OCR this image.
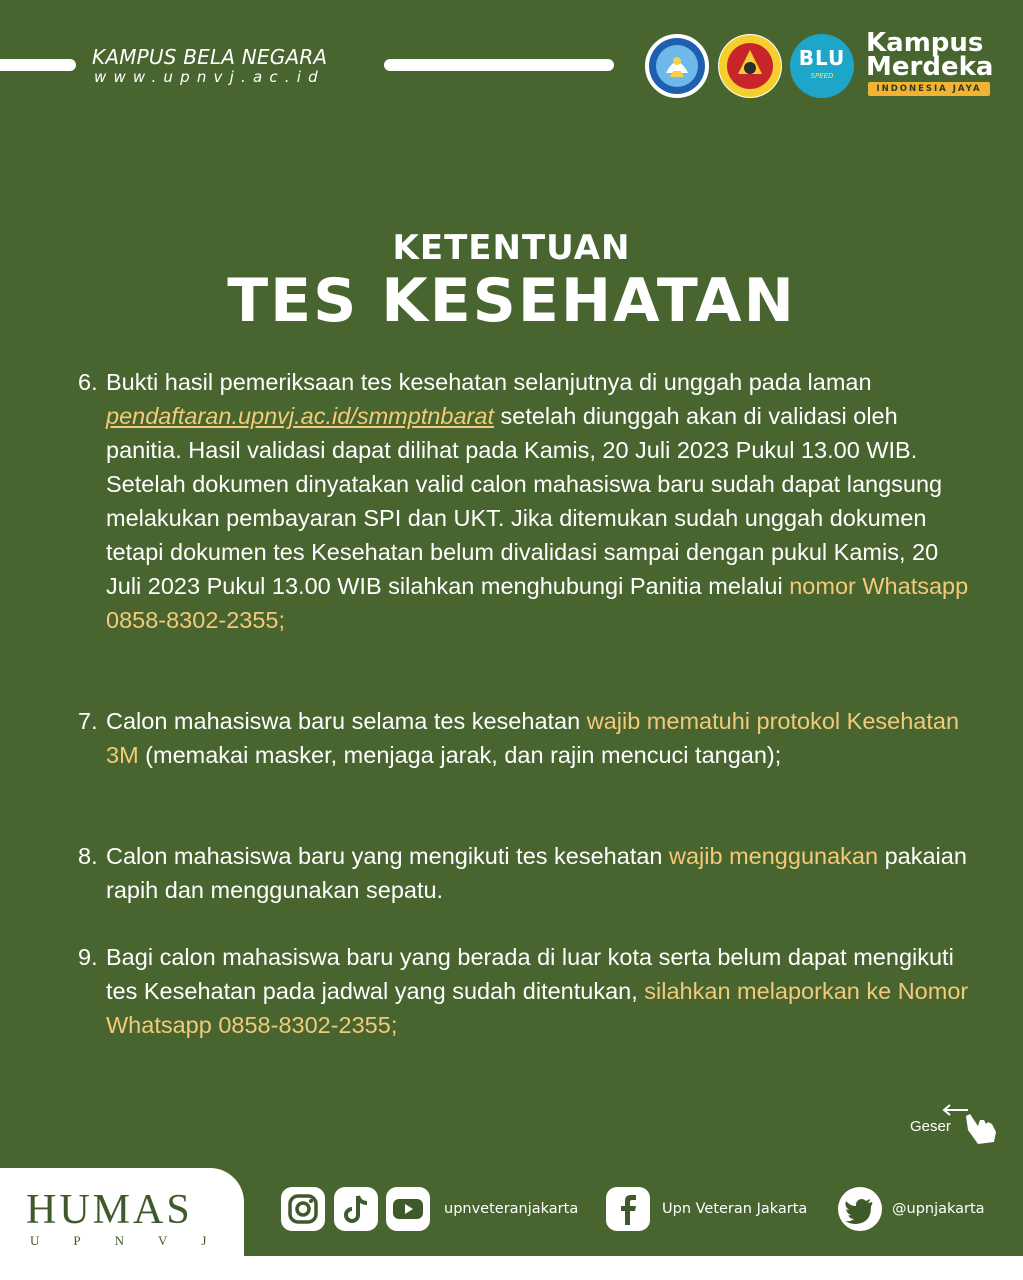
KAMPUS BELA NEGARA
www.upnvj.ac.id
BLU
SPEED
Kampus
Merdeka
INDONESIA JAYA
KETENTUAN
TES KESEHATAN
6. Bukti hasil pemeriksaan tes kesehatan selanjutnya di unggah pada laman pendaftaran.upnvj.ac.id/smmptnbarat setelah diunggah akan di validasi oleh panitia. Hasil validasi dapat dilihat pada Kamis, 20 Juli 2023 Pukul 13.00 WIB. Setelah dokumen dinyatakan valid calon mahasiswa baru sudah dapat langsung melakukan pembayaran SPI dan UKT. Jika ditemukan sudah unggah dokumen tetapi dokumen tes Kesehatan belum divalidasi sampai dengan pukul Kamis, 20 Juli 2023 Pukul 13.00 WIB silahkan menghubungi Panitia melalui nomor Whatsapp 0858-8302-2355;
7. Calon mahasiswa baru selama tes kesehatan wajib mematuhi protokol Kesehatan 3M (memakai masker, menjaga jarak, dan rajin mencuci tangan);
8. Calon mahasiswa baru yang mengikuti tes kesehatan wajib menggunakan pakaian rapih dan menggunakan sepatu.
9. Bagi calon mahasiswa baru yang berada di luar kota serta belum dapat mengikuti tes Kesehatan pada jadwal yang sudah ditentukan, silahkan melaporkan ke Nomor Whatsapp 0858-8302-2355;
Geser
HUMAS
UPNVJ
upnveteranjakarta	Upn Veteran Jakarta	@upnjakarta
